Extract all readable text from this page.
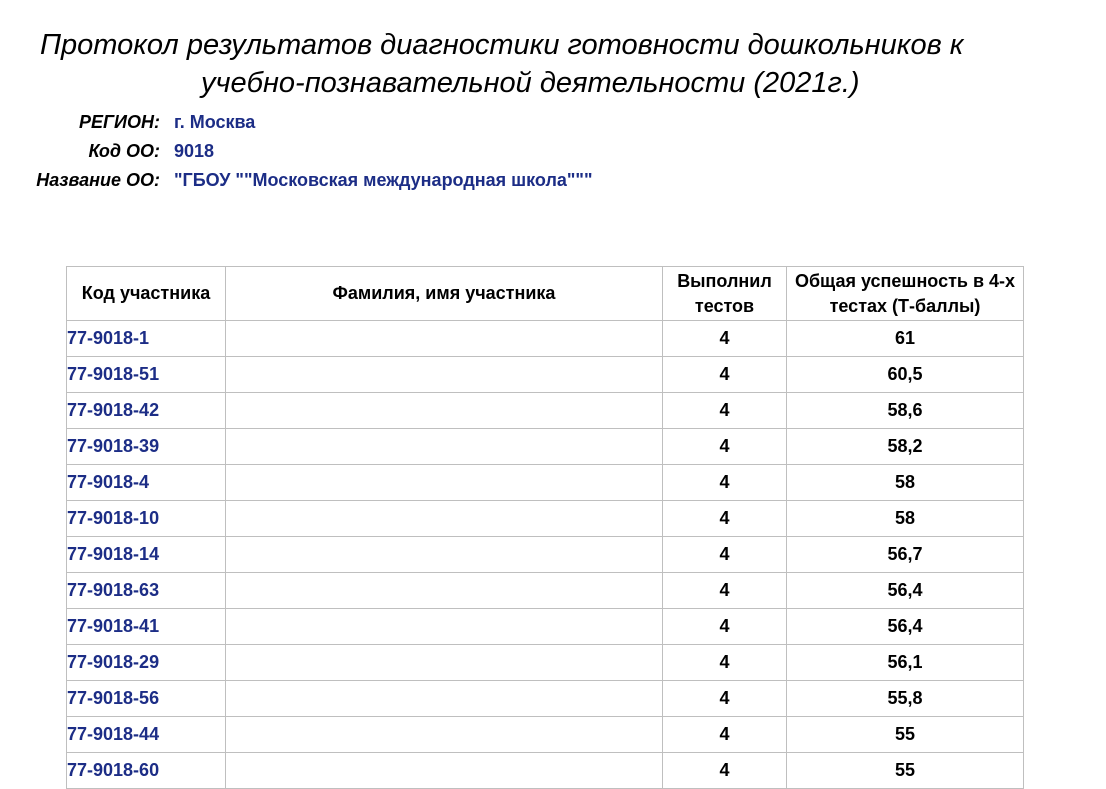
Протокол результатов диагностики готовности дошкольников к
учебно-познавательной деятельности (2021г.)
РЕГИОН: г. Москва
Код ОО: 9018
Название ОО: "ГБОУ ""Московская международная школа"""
Код участника	Фамилия, имя участника	Выполнил тестов	Общая успешность в 4-х тестах (Т-баллы)
77-9018-1		4	61
77-9018-51		4	60,5
77-9018-42		4	58,6
77-9018-39		4	58,2
77-9018-4		4	58
77-9018-10		4	58
77-9018-14		4	56,7
77-9018-63		4	56,4
77-9018-41		4	56,4
77-9018-29		4	56,1
77-9018-56		4	55,8
77-9018-44		4	55
77-9018-60		4	55
